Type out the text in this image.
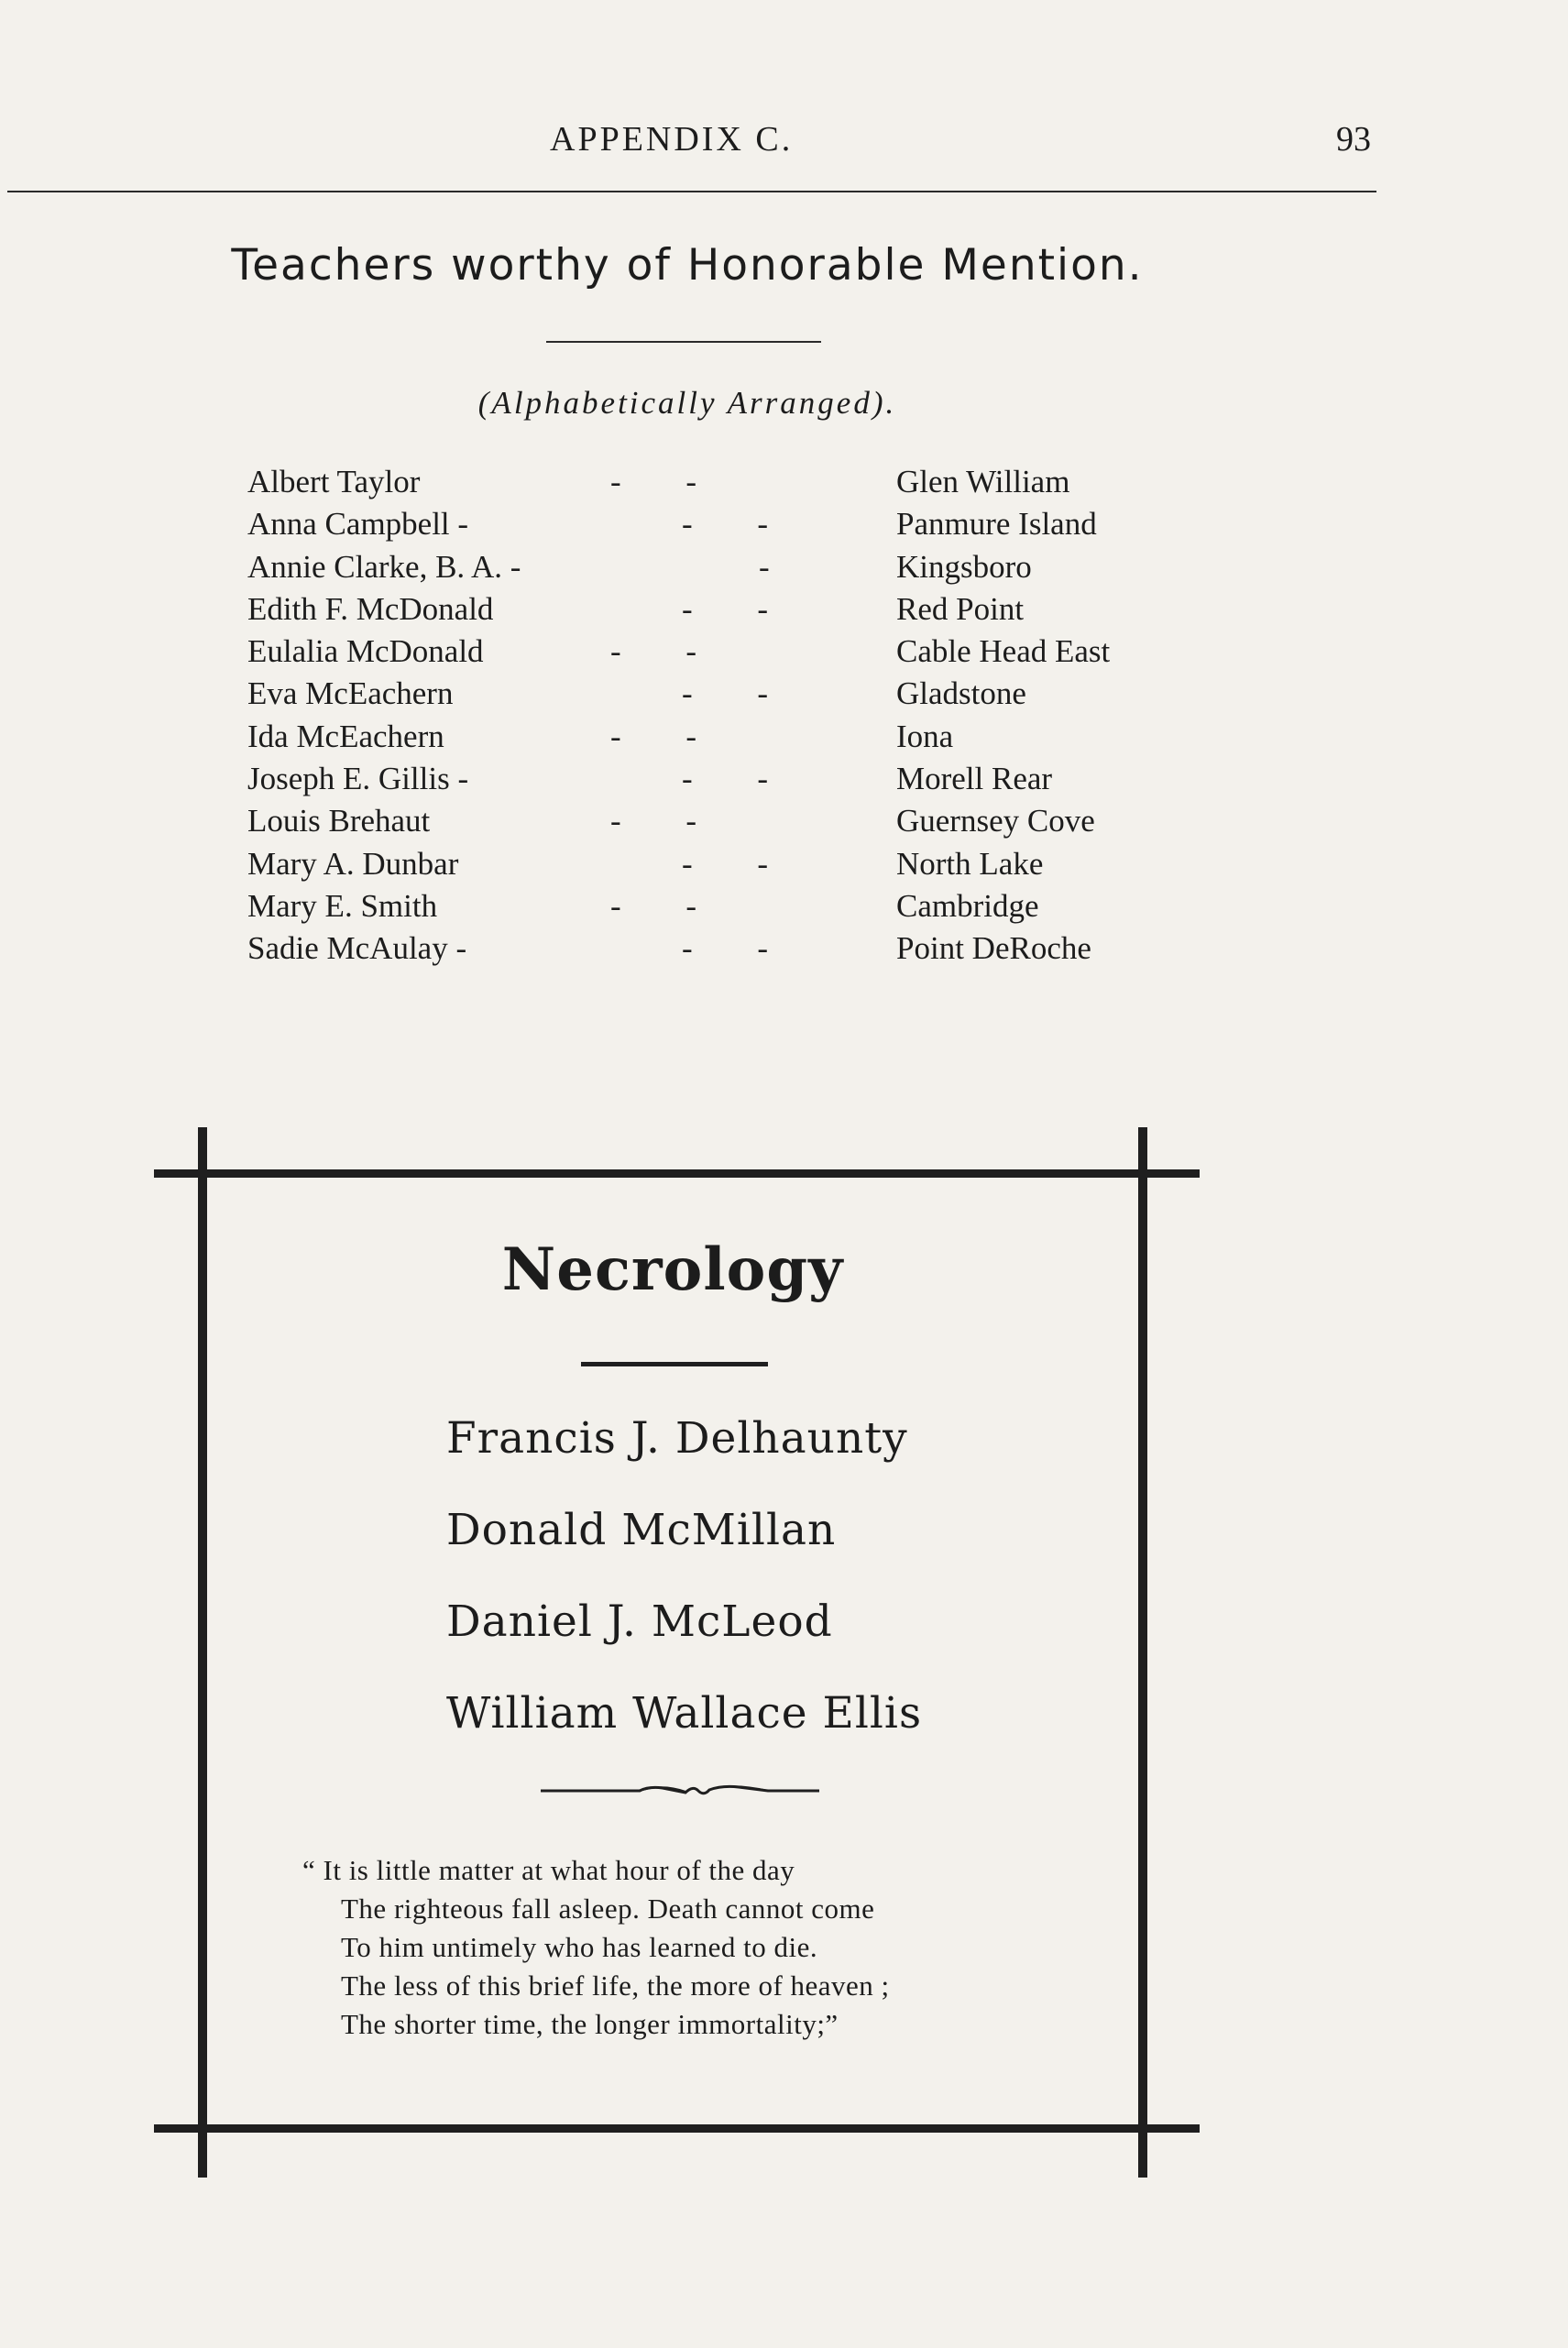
APPENDIX C.	93
Teachers worthy of Honorable Mention.
(Alphabetically Arranged).
Albert Taylor	- -	Glen William
Anna Campbell -	- -	Panmure Island
Annie Clarke, B. A. -	-	Kingsboro
Edith F. McDonald	- -	Red Point
Eulalia McDonald	- -	Cable Head East
Eva McEachern	- -	Gladstone
Ida McEachern	- -	Iona
Joseph E. Gillis -	- -	Morell Rear
Louis Brehaut	- -	Guernsey Cove
Mary A. Dunbar	- -	North Lake
Mary E. Smith	- -	Cambridge
Sadie McAulay -	- -	Point DeRoche
Necrology
Francis J. Delhaunty
Donald McMillan
Daniel J. McLeod
William Wallace Ellis
“ It is little matter at what hour of the day
The righteous fall asleep. Death cannot come
To him untimely who has learned to die.
The less of this brief life, the more of heaven ;
The shorter time, the longer immortality;”
